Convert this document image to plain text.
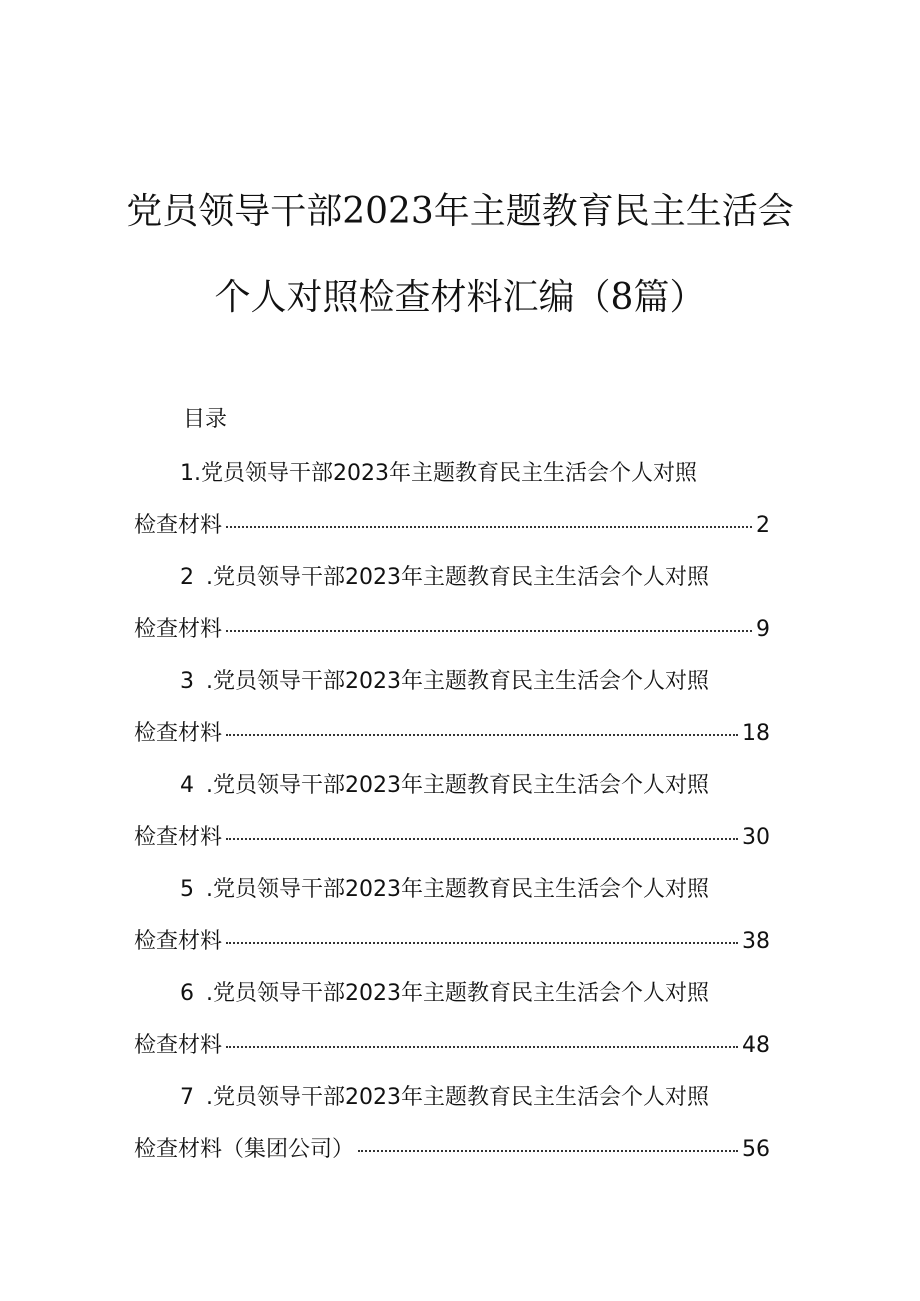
党员领导干部2023年主题教育民主生活会
个人对照检查材料汇编（8篇）
目录
1.党员领导干部2023年主题教育民主生活会个人对照
检查材料	2
2 .党员领导干部2023年主题教育民主生活会个人对照
检查材料	9
3 .党员领导干部2023年主题教育民主生活会个人对照
检查材料	18
4 .党员领导干部2023年主题教育民主生活会个人对照
检查材料	30
5 .党员领导干部2023年主题教育民主生活会个人对照
检查材料	38
6 .党员领导干部2023年主题教育民主生活会个人对照
检查材料	48
7 .党员领导干部2023年主题教育民主生活会个人对照
检查材料（集团公司）	56
